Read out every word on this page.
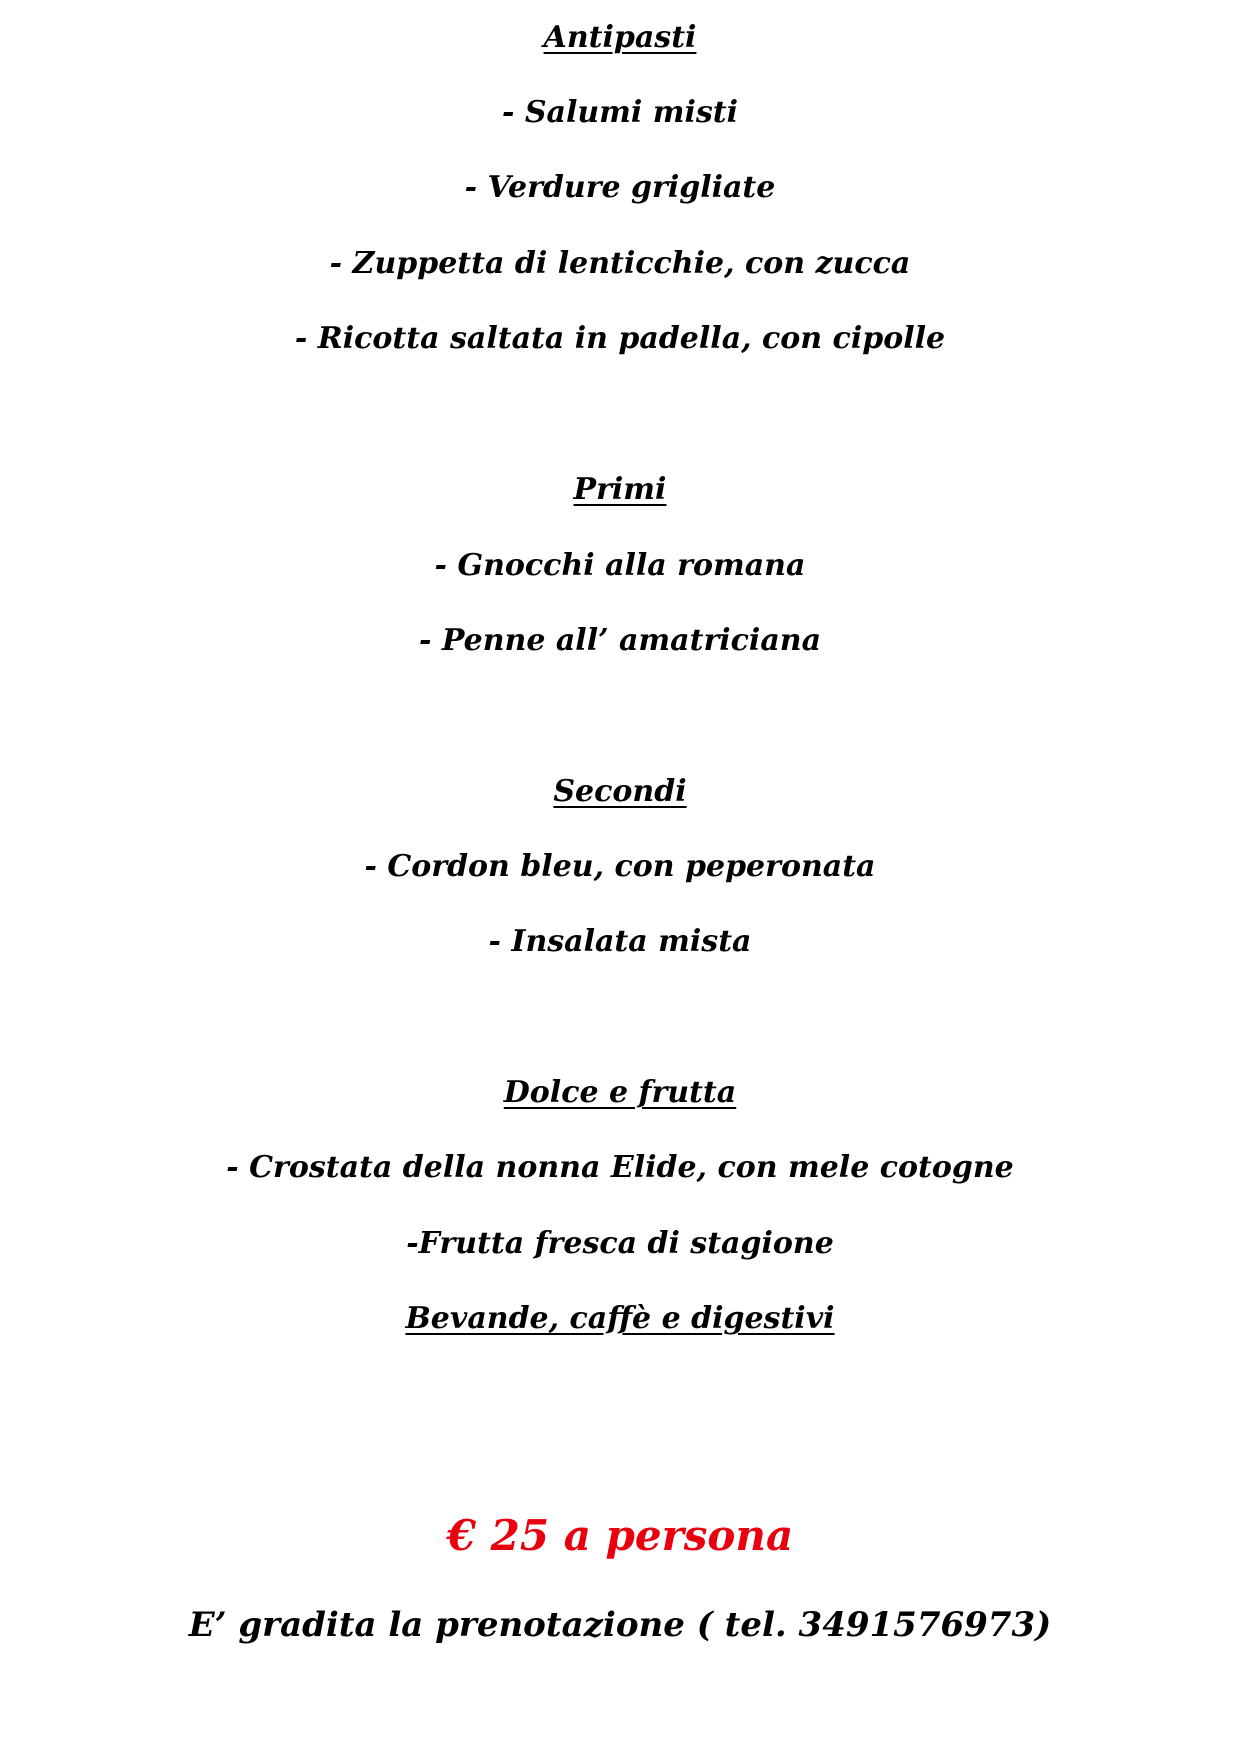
Antipasti
- Salumi misti
- Verdure grigliate
- Zuppetta di lenticchie, con zucca
- Ricotta saltata in padella, con cipolle
Primi
- Gnocchi alla romana
- Penne all’ amatriciana
Secondi
- Cordon bleu, con peperonata
- Insalata mista
Dolce e frutta
- Crostata della nonna Elide, con mele cotogne
-Frutta fresca di stagione
Bevande, caffè e digestivi
€ 25 a persona
E’ gradita la prenotazione ( tel. 3491576973)
